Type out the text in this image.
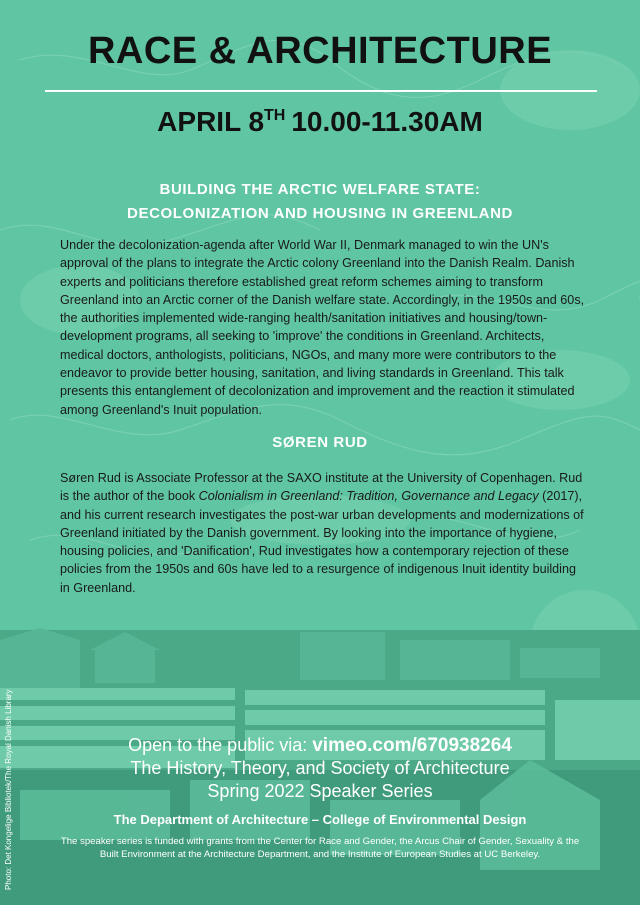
RACE & ARCHITECTURE
APRIL 8TH 10.00-11.30AM
BUILDING THE ARCTIC WELFARE STATE:
DECOLONIZATION AND HOUSING IN GREENLAND

Under the decolonization-agenda after World War II, Denmark managed to win the UN's approval of the plans to integrate the Arctic colony Greenland into the Danish Realm. Danish experts and politicians therefore established great reform schemes aiming to transform Greenland into an Arctic corner of the Danish welfare state. Accordingly, in the 1950s and 60s, the authorities implemented wide-ranging health/sanitation initiatives and housing/town-development programs, all seeking to 'improve' the conditions in Greenland. Architects, medical doctors, anthologists, politicians, NGOs, and many more were contributors to the endeavor to provide better housing, sanitation, and living standards in Greenland. This talk presents this entanglement of decolonization and improvement and the reaction it stimulated among Greenland's Inuit population.

SØREN RUD

Søren Rud is Associate Professor at the SAXO institute at the University of Copenhagen. Rud is the author of the book Colonialism in Greenland: Tradition, Governance and Legacy (2017), and his current research investigates the post-war urban developments and modernizations of Greenland initiated by the Danish government. By looking into the importance of hygiene, housing policies, and 'Danification', Rud investigates how a contemporary rejection of these policies from the 1950s and 60s have led to a resurgence of indigenous Inuit identity building in Greenland.

Open to the public via: vimeo.com/670938264
The History, Theory, and Society of Architecture
Spring 2022 Speaker Series
The Department of Architecture – College of Environmental Design
The speaker series is funded with grants from the Center for Race and Gender, the Arcus Chair of Gender, Sexuality & the Built Environment at the Architecture Department, and the Institute of European Studies at UC Berkeley.
Photo: Det Kongelige Bibliotek/The Royal Danish Library
